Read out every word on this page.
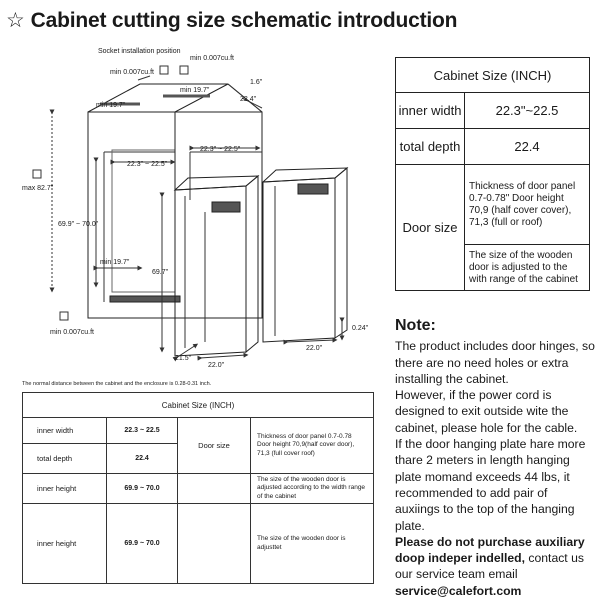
☆ Cabinet cutting size schematic introduction
Socket installation position
min 0.007cu.ft
min 0.007cu.ft
min 19.7"
min 19.7"
1.6"
22.4"
max 82.7"
22.3" ~ 22.5"
22.3" ~ 22.5"
69.9" ~ 70.0"
min 19.7"
69.7"
0.24"
min 0.007cu.ft
21.5"
22.0"
22.0"
Cabinet Size (INCH)	
inner width	22.3"~22.5
total depth	22.4
Door size	Thickness of door panel 0.7-0.78" Door height 70,9 (half cover cover), 71,3 (full or roof)
	The size of the wooden door is adjusted to the with range of the cabinet
Note:
The product includes door hinges, so there are no need holes or extra installing the cabinet.
However, if the power cord is designed to exit outside wite the cabinet, please hole for the cable.
If the door hanging plate hare more thare 2 meters in length hanging plate momand exceeds 44 lbs, it recommended to add pair of auxiings to the top of the hanging plate.
Please do not purchase auxiliary doop indeper indelled, contact us our service team email
service@calefort.com
The normal distance between the cabinet and the enclosure is 0.28-0.31 inch.
Cabinet Size (INCH)			
inner width	22.3 ~ 22.5	Door size	Thickness of door panel 0.7-0.78 Door height 70,9(half cover door), 71,3 (full cover roof)
total depth	22.4		
inner height	69.9 ~ 70.0		The size of the wooden door is adjusted according to the width range of the cabinet
inner height	69.9 ~ 70.0		The size of the wooden door is adjusttet
